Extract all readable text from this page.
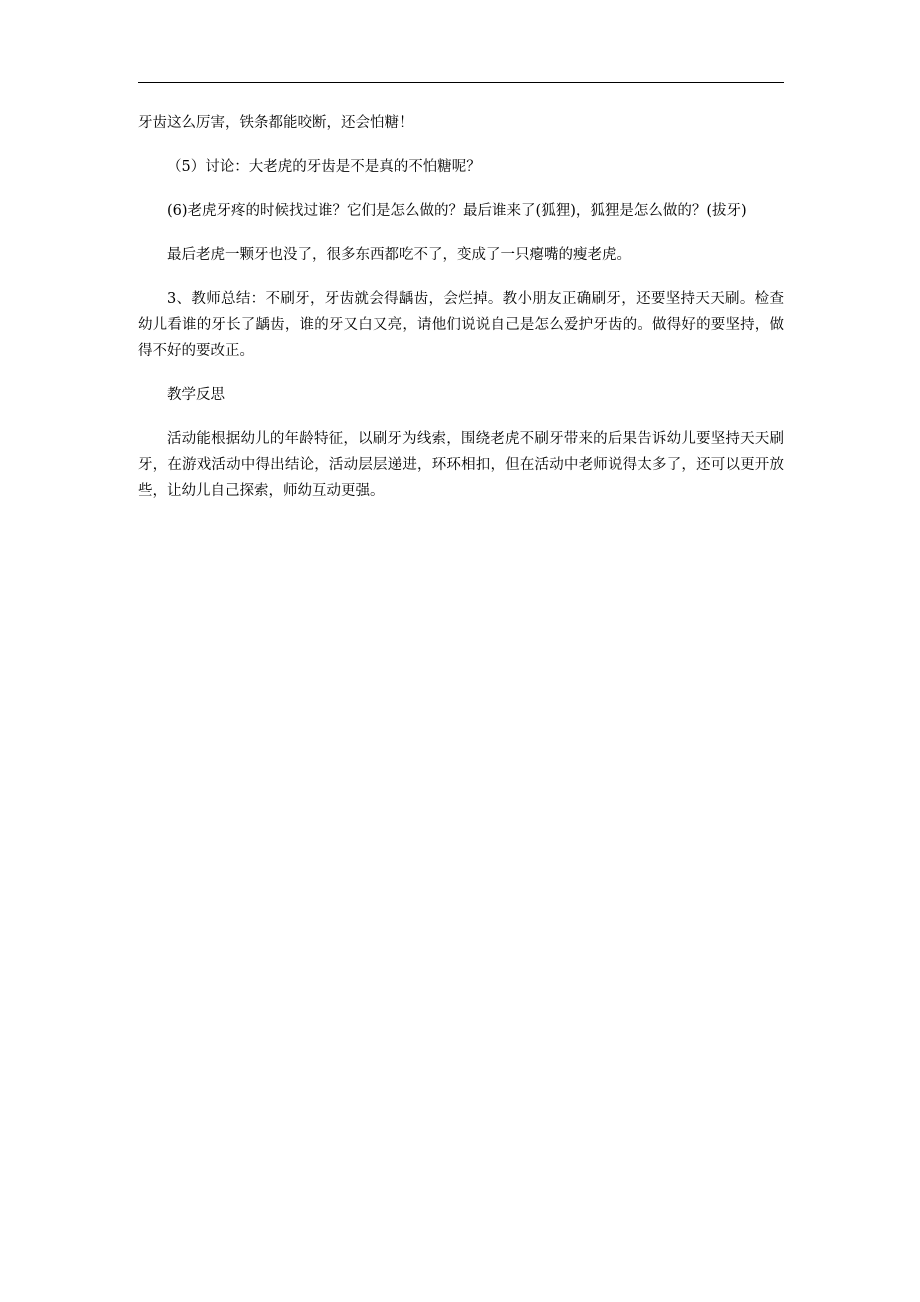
牙齿这么厉害，铁条都能咬断，还会怕糖！

（5）讨论：大老虎的牙齿是不是真的不怕糖呢？

(6)老虎牙疼的时候找过谁？它们是怎么做的？最后谁来了(狐狸)，狐狸是怎么做的？(拔牙)

最后老虎一颗牙也没了，很多东西都吃不了，变成了一只瘪嘴的瘦老虎。

3、教师总结：不刷牙，牙齿就会得龋齿，会烂掉。教小朋友正确刷牙，还要坚持天天刷。检查幼儿看谁的牙长了龋齿，谁的牙又白又亮，请他们说说自己是怎么爱护牙齿的。做得好的要坚持，做得不好的要改正。

教学反思

活动能根据幼儿的年龄特征，以刷牙为线索，围绕老虎不刷牙带来的后果告诉幼儿要坚持天天刷牙，在游戏活动中得出结论，活动层层递进，环环相扣，但在活动中老师说得太多了，还可以更开放些，让幼儿自己探索，师幼互动更强。
